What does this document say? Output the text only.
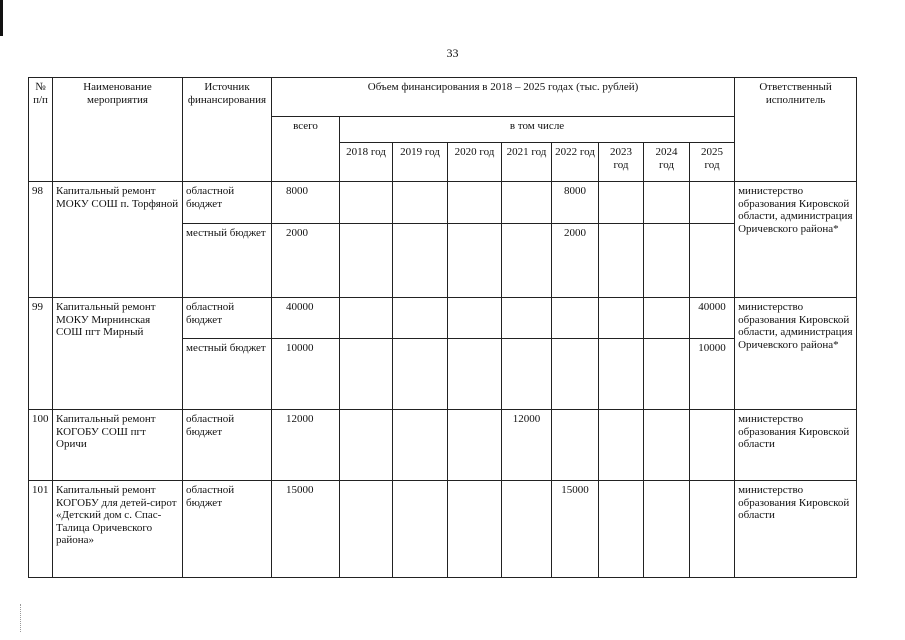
33
№ п/п	Наименование мероприятия	Источник финансирования	Объем финансирования в 2018 – 2025 годах (тыс. рублей)									Ответственный исполнитель
			всего	в том числе								
				2018 год	2019 год	2020 год	2021 год	2022 год	2023 год	2024 год	2025 год	
98	Капитальный ремонт МОКУ СОШ п. Торфяной	областной бюджет	8000					8000				министерство образования Кировской области, администрация Оричевского района*
		местный бюджет	2000					2000				
99	Капитальный ремонт МОКУ Мирнинская СОШ пгт Мирный	областной бюджет	40000								40000	министерство образования Кировской области, администрация Оричевского района*
		местный бюджет	10000								10000	
100	Капитальный ремонт КОГОБУ СОШ пгт Оричи	областной бюджет	12000				12000					министерство образования Кировской области
101	Капитальный ремонт КОГОБУ для детей-сирот «Детский дом с. Спас-Талица Оричевского района»	областной бюджет	15000					15000				министерство образования Кировской области
